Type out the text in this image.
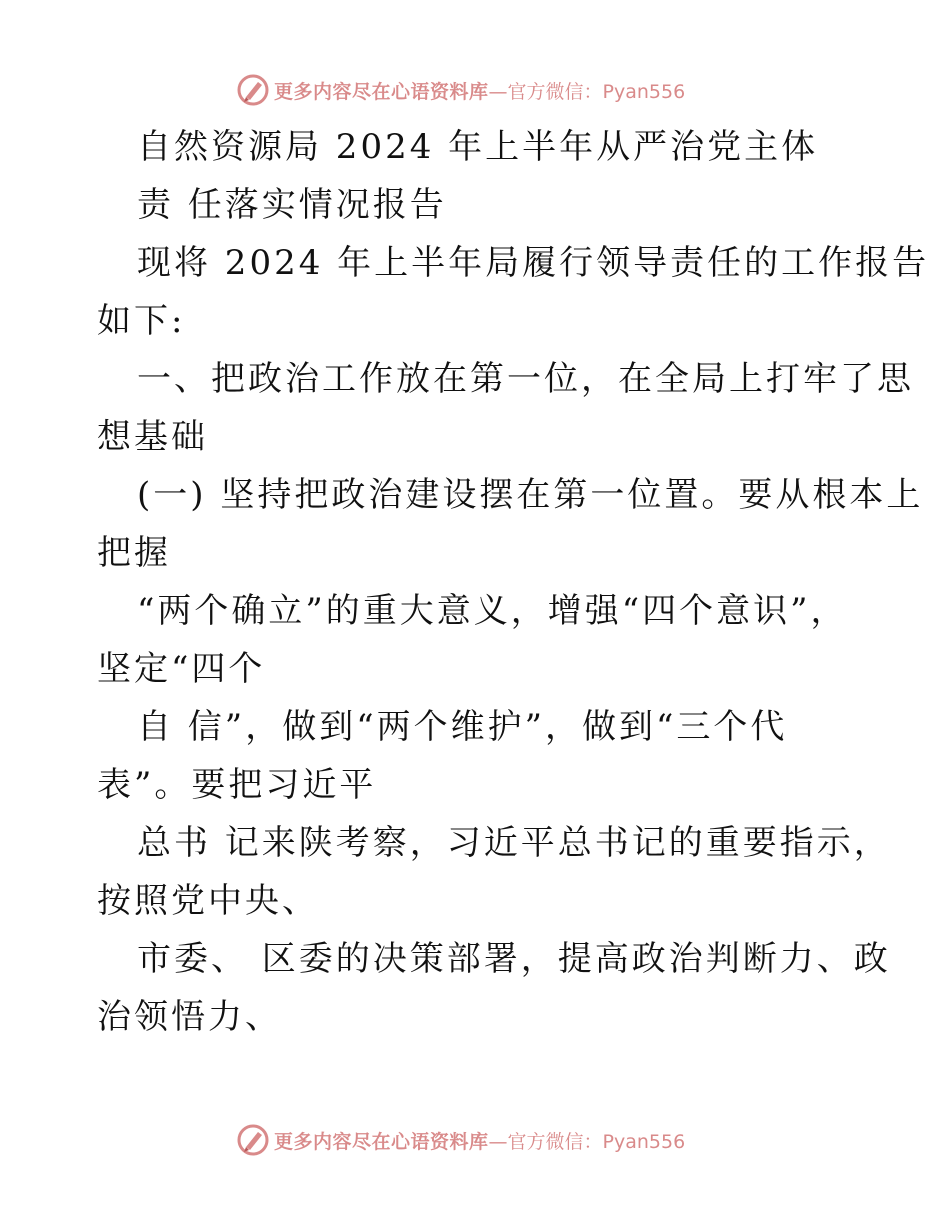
更多内容尽在心语资料库 —官方微信：Pyan556
自然资源局 2024 年上半年从严治党主体
责 任落实情况报告
现将 2024 年上半年局履行领导责任的工作报告
如下:
一、把政治工作放在第一位，在全局上打牢了思
想基础
(一) 坚持把政治建设摆在第一位置。要从根本上
把握
“两个确立”的重大意义，增强“四个意识”，
坚定“四个
自 信”，做到“两个维护”，做到“三个代
表”。要把习近平
总书 记来陕考察，习近平总书记的重要指示，
按照党中央、
市委、 区委的决策部署，提高政治判断力、政
治领悟力、
更多内容尽在心语资料库 —官方微信：Pyan556
